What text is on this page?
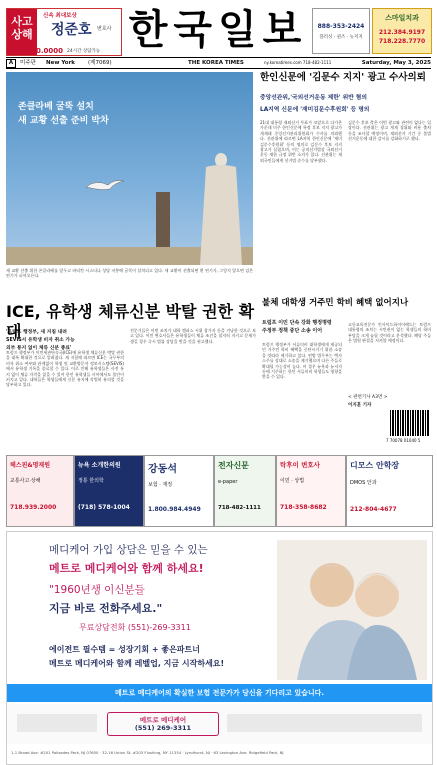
사고
상해
신속 최대보상
정준호 변호사
917.300.0000 24시간 상담가능 한국일보	스마일치과
212.384.9197
718.228.7770
888-353-2424
플러싱 · 퀸즈 · 뉴저지
A	미주판 New York (제7069)	THE KOREA TIMES	ny.koreatimes.com 718-482-1111	Saturday, May 3, 2025
존클라베 굴뚝 설치
새 교황 선출 준비 박차
새 교황 선출 위한 콘클라베를 앞두고 바티칸 시스티나 성당 지붕에 굴뚝이 설치되고 있다. 새 교황이 선출되면 흰 연기가, 그렇지 않으면 검은 연기가 피어오른다.
한인신문에 '김문수 지지' 광고 수사의뢰
중앙선관위,'국외선거운동 제한' 위반 혐의
LA지역 신문에 '재미김문수후원회' 등 명의
21대 대통령 재외선거 투표가 코앞으로 다가온 가운데 미주 한인신문에 특정 후보 지지 광고가 게재돼 중앙선거관리위원회가 수사를 의뢰했다. 선관위에 따르면 LA지역 한인신문에 '재미김문수후원회' 등의 명의로 김문수 후보 지지 광고가 실렸으며, 이는 공직선거법상 국외선거운동 제한 규정 위반 소지가 있다. 선관위는 재외국민들에게 선거법 준수를 당부했다.
김문수 후보 측은 이번 광고와 관련이 없다는 입장이다. 선관위는 광고 게재 경위와 비용 출처 등을 조사할 예정이며, 재외선거 기간 중 불법 선거운동에 대한 감시를 강화하기로 했다.
ICE, 유학생 체류신분 박탈 권한 확대
'트럼프 행정부, 새 지침 내려
SEVIS서 유학생 비자 취소 가능
외부 통지 없이 체류 신분 종료'
트럼프 행정부가 이민세관단속국(ICE)에 유학생 체류신분 박탈 권한을 대폭 확대한 것으로 알려졌다. 새 지침에 따르면 ICE는 국무부의 비자 취소 여부와 관계없이 학생 및 교환방문자 정보시스템(SEVIS)에서 유학생 기록을 종료할 수 있다. 이로 인해 유학생들은 사전 통지 없이 체류 자격을 잃을 수 있어 한인 유학생들 사이에서도 불안이 커지고 있다. 대학들은 학생들에게 신분 유지에 각별히 유의할 것을 당부하고 있다.
전문가들은 이번 조치가 대학 캠퍼스 시위 참가자 등을 겨냥한 것으로 보고 있다. 이민 변호사들은 유학생들이 체류 조건을 철저히 지키고 문제가 생길 경우 즉시 법률 상담을 받을 것을 권고했다.
불체 대학생 거주민 학비 혜택 없어지나
트럼프 이민 단속 강화 행정명령
주정부 정책 중단 소송 이어
트럼프 행정부가 서류미비 대학생에게 제공되던 거주민 학비 혜택을 중단시키기 위한 소송을 잇따라 제기하고 있다. 연방 법무부는 텍사스주를 상대로 소송을 제기했으며 다른 주들로 확대될 가능성이 높다. 이 경우 뉴욕과 뉴저지 등에 거주하는 한인 서류미비 학생들도 영향을 받을 수 있다.
고등교육전문가 인사이드하이어에드는 트럼프 대통령의 조치는 시민권이 없는 학생들의 학비 부담을 크게 늘릴 것이라고 분석했다. 해당 주들은 법원 판결을 지켜볼 예정이다.
< 관련기사 A3면 >
이지훈 기자
7 70078 01040 5
헤스핀&명재원
교통사고·상해
718.939.2000
뉴욕 소개한의원
정통 한의학
(718) 578-1004
강동석
보험 · 재정
1.800.984.4949
전자신문
e-paper
718-482-1111
탁후이 변호사
이민 · 상법
718-358-8682
디모스 안학장
DMOS 안과
212-804-4677
메디케어 가입 상담은 믿을 수 있는
메트로 메디케어와 함께 하세요!
"1960년생 이신분들
지금 바로 전화주세요."
무료상담전화 (551)-269-3311
에이전트 필수템 = 성장기회 + 좋은파트너
메트로 메디케어와 함께 레벨업, 지금 시작하세요!
메트로 메디케어의 확실한 보험 전문가가 당신을 기다리고 있습니다.
메트로 메디케어
(551) 269-3311
1-1 Broad Ave. #201 Palisades Park, NJ 07650 · 32-16 Union St. #203 Flushing, NY 11354 · Lyndhurst, NJ · 63 Lexington Ave. Ridgefield Park, NJ
